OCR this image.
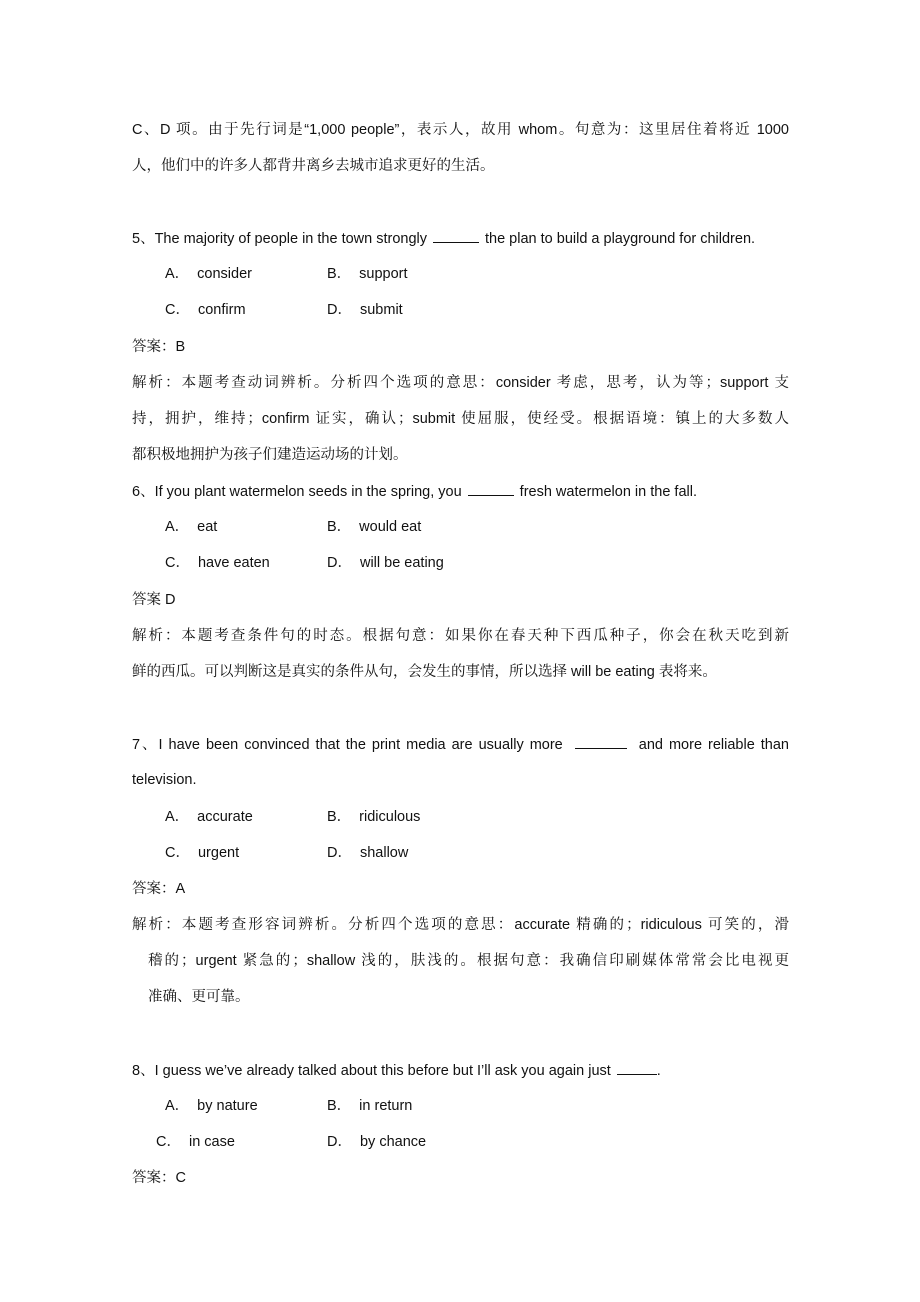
C、D 项。由于先行词是“1,000 people”，表示人，故用 whom。句意为：这里居住着将近 1000
人，他们中的许多人都背井离乡去城市追求更好的生活。
5、The majority of people in the town strongly	the plan to build a playground for children.
A． consider	B． support
C． confirm	D． submit
答案：B
解析：本题考查动词辨析。分析四个选项的意思：consider 考虑，思考，认为等；support 支
持，拥护，维持；confirm 证实，确认；submit 使屈服，使经受。根据语境：镇上的大多数人
都积极地拥护为孩子们建造运动场的计划。
6、If you plant watermelon seeds in the spring, you	fresh watermelon in the fall.
A． eat	B． would eat
C． have eaten	D． will be eating
答案 D
解析：本题考查条件句的时态。根据句意：如果你在春天种下西瓜种子，你会在秋天吃到新
鲜的西瓜。可以判断这是真实的条件从句，会发生的事情，所以选择 will be eating 表将来。
7、I have been convinced that the print media are usually more	and more reliable than
television.
A． accurate	B． ridiculous
C． urgent	D． shallow
答案：A
解析：本题考查形容词辨析。分析四个选项的意思：accurate 精确的；ridiculous 可笑的，滑
稽的；urgent 紧急的；shallow 浅的，肤浅的。根据句意：我确信印刷媒体常常会比电视更
准确、更可靠。
8、I guess we’ve already talked about this before but I’ll ask you again just	.
A． by nature	B． in return
C． in case	D． by chance
答案：C
